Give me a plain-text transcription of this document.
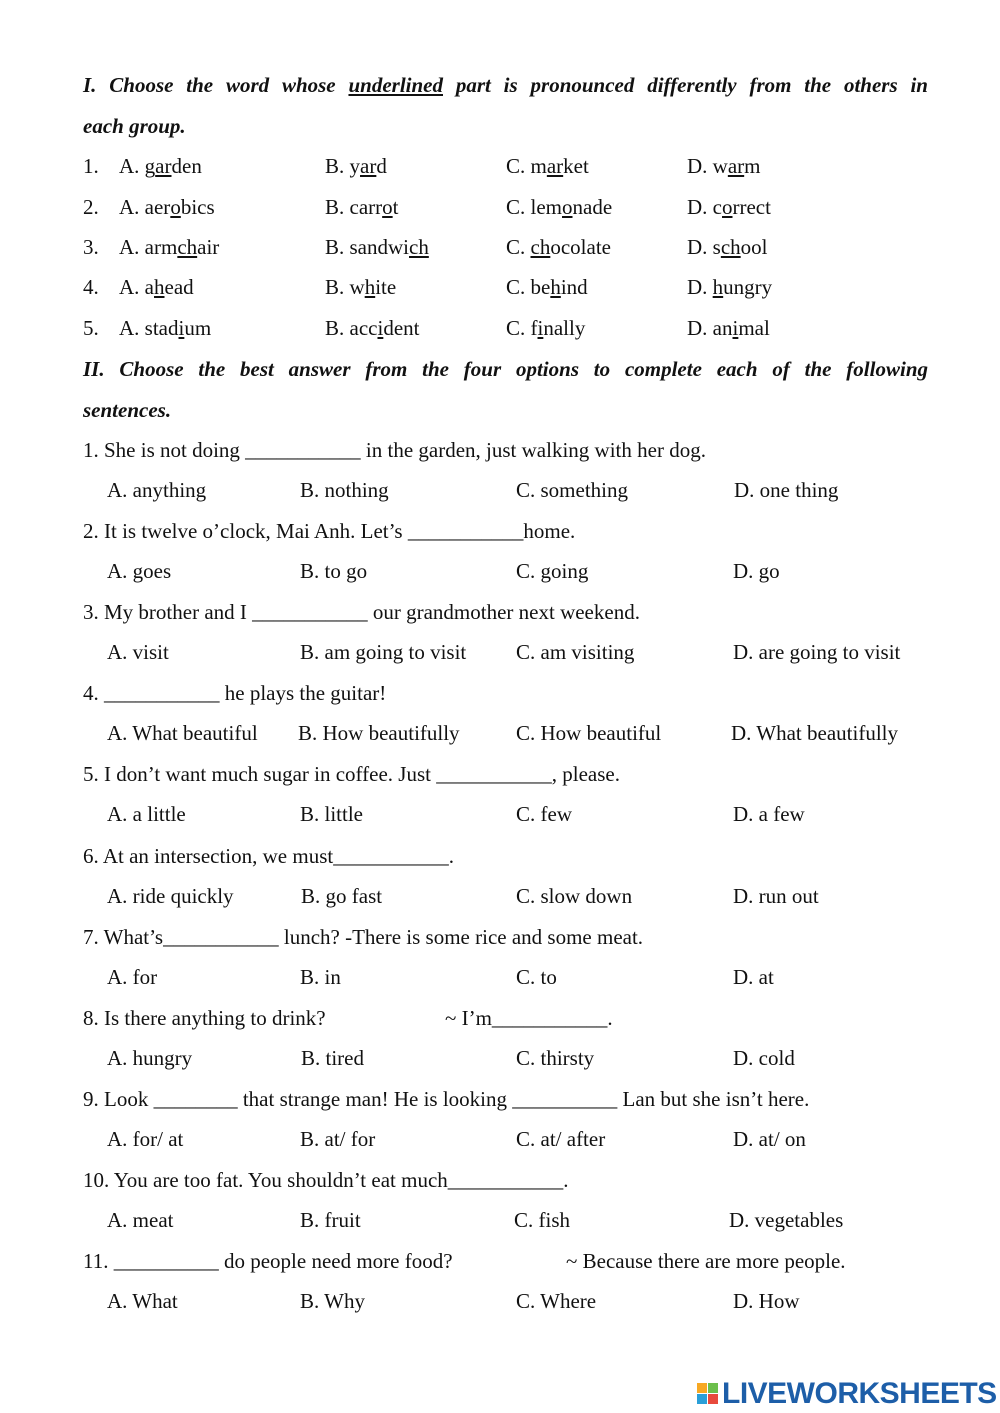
I. Choose the word whose underlined part is pronounced differently from the others in
each group.
1. A. garden	B. yard	C. market	D. warm
2. A. aerobics	B. carrot	C. lemonade	D. correct
3. A. armchair	B. sandwich	C. chocolate	D. school
4. A. ahead	B. white	C. behind	D. hungry
5. A. stadium	B. accident	C. finally	D. animal
II. Choose the best answer from the four options to complete each of the following
sentences.
1. She is not doing ___________ in the garden, just walking with her dog.
A. anything	B. nothing	C. something	D. one thing
2. It is twelve o’clock, Mai Anh. Let’s ___________home.
A. goes	B. to go	C. going	D. go
3. My brother and I ___________ our grandmother next weekend.
A. visit	B. am going to visit C. am visiting	D. are going to visit
4. ___________ he plays the guitar!
A. What beautiful B. How beautifully	C. How beautiful	D. What beautifully
5. I don’t want much sugar in coffee. Just ___________, please.
A. a little	B. little	C. few	D. a few
6. At an intersection, we must___________.
A. ride quickly	B. go fast	C. slow down	D. run out
7. What’s___________ lunch? -There is some rice and some meat.
A. for	B. in	C. to	D. at
8. Is there anything to drink?	~ I’m___________.
A. hungry	B. tired	C. thirsty	D. cold
9. Look ________ that strange man! He is looking __________ Lan but she isn’t here.
A. for/ at	B. at/ for	C. at/ after	D. at/ on
10. You are too fat. You shouldn’t eat much___________.
A. meat	B. fruit	C. fish	D. vegetables
11. __________ do people need more food?	~ Because there are more people.
A. What	B. Why	C. Where	D. How
LIVEWORKSHEETS
